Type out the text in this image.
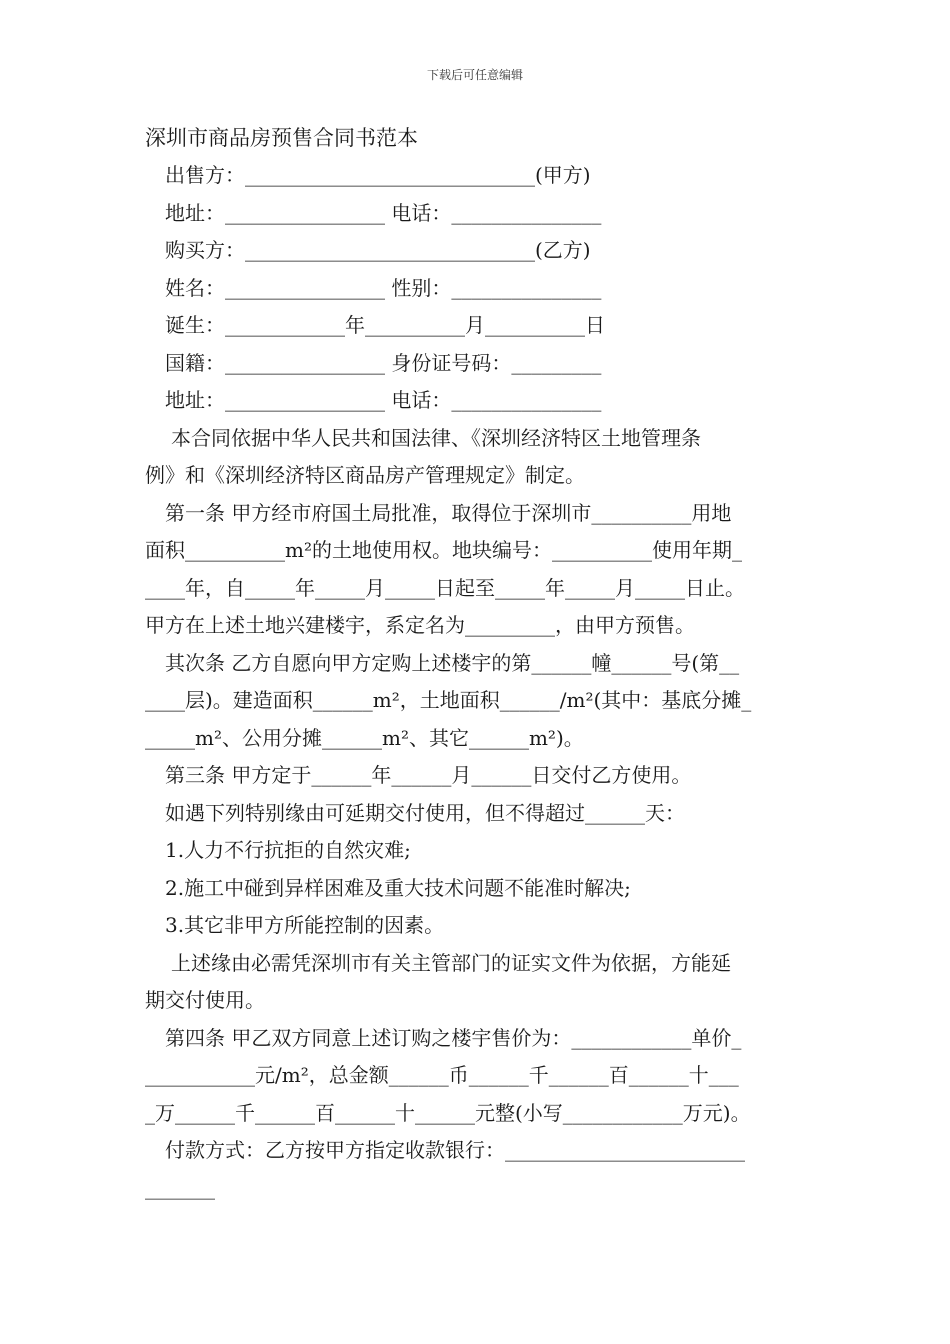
下载后可任意编辑
深圳市商品房预售合同书范本
出售方：_____________________________(甲方)
地址：________________ 电话：_______________
购买方：_____________________________(乙方)
姓名：________________ 性别：_______________
诞生：____________年__________月__________日
国籍：________________ 身份证号码：_________
地址：________________ 电话：_______________
本合同依据中华人民共和国法律、《深圳经济特区土地管理条
例》和《深圳经济特区商品房产管理规定》制定。
第一条 甲方经市府国土局批准，取得位于深圳市__________用地
面积__________m²的土地使用权。地块编号：__________使用年期_
____年，自_____年_____月_____日起至_____年_____月_____日止。
甲方在上述土地兴建楼宇，系定名为_________，由甲方预售。
其次条 乙方自愿向甲方定购上述楼宇的第______幢______号(第__
____层)。建造面积______m²，土地面积______/m²(其中：基底分摊_
_____m²、公用分摊______m²、其它______m²)。
第三条 甲方定于______年______月______日交付乙方使用。
如遇下列特别缘由可延期交付使用，但不得超过______天：
1.人力不行抗拒的自然灾难;
2.施工中碰到异样困难及重大技术问题不能准时解决;
3.其它非甲方所能控制的因素。
上述缘由必需凭深圳市有关主管部门的证实文件为依据，方能延
期交付使用。
第四条 甲乙双方同意上述订购之楼宇售价为：____________单价_
___________元/m²，总金额______币______千______百______十___
_万______千______百______十______元整(小写____________万元)。
付款方式：乙方按甲方指定收款银行：________________________
_______
